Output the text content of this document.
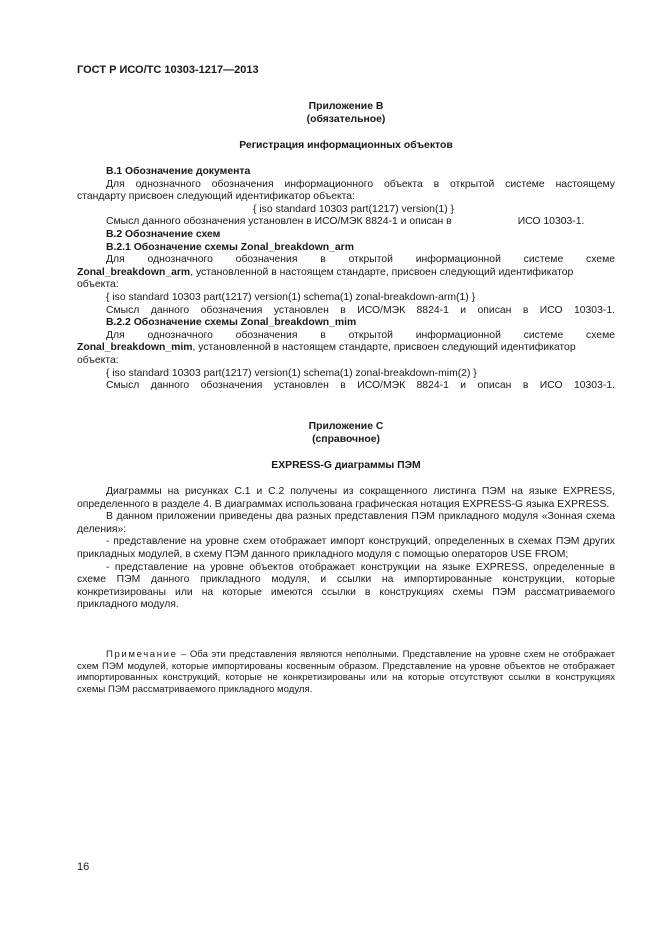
ГОСТ Р ИСО/ТС 10303-1217—2013

Приложение B

(обязательное)

Регистрация информационных объектов

B.1 Обозначение документа

Для однозначного обозначения информационного объекта в открытой системе настоящему

стандарту присвоен следующий идентификатор объекта:

{ iso standard 10303 part(1217) version(1) }

Смысл данного обозначения установлен в ИСО/МЭК 8824-1 и описан в	ИСО 10303-1.

B.2 Обозначение схем

B.2.1 Обозначение схемы Zonal_breakdown_arm

Для однозначного обозначения в открытой информационной системе схеме

Zonal_breakdown_arm, установленной в настоящем стандарте, присвоен следующий идентификатор

объекта:

{ iso standard 10303 part(1217) version(1) schema(1) zonal-breakdown-arm(1) }

Смысл данного обозначения установлен в ИСО/МЭК 8824-1 и описан в ИСО 10303-1.

B.2.2 Обозначение схемы Zonal_breakdown_mim

Для однозначного обозначения в открытой информационной системе схеме

Zonal_breakdown_mim, установленной в настоящем стандарте, присвоен следующий идентификатор

объекта:

{ iso standard 10303 part(1217) version(1) schema(1) zonal-breakdown-mim(2) }

Смысл данного обозначения установлен в ИСО/МЭК 8824-1 и описан в ИСО 10303-1.

Приложение C

(справочное)

EXPRESS-G диаграммы ПЭМ

Диаграммы на рисунках C.1 и C.2 получены из сокращенного листинга ПЭМ на языке EXPRESS, определенного в разделе 4. В диаграммах использована графическая нотация EXPRESS-G языка EXPRESS.

В данном приложении приведены два разных представления ПЭМ прикладного модуля «Зонная схема деления»:

- представление на уровне схем отображает импорт конструкций, определенных в схемах ПЭМ других прикладных модулей, в схему ПЭМ данного прикладного модуля с помощью операторов USE FROM;

- представление на уровне объектов отображает конструкции на языке EXPRESS, определенные в схеме ПЭМ данного прикладного модуля, и ссылки на импортированные конструкции, которые конкретизированы или на которые имеются ссылки в конструкциях схемы ПЭМ рассматриваемого прикладного модуля.

Примечание – Оба эти представления являются неполными. Представление на уровне схем не отображает схем ПЭМ модулей, которые импортированы косвенным образом. Представление на уровне объектов не отображает импортированных конструкций, которые не конкретизированы или на которые отсутствуют ссылки в конструкциях схемы ПЭМ рассматриваемого прикладного модуля.

16
